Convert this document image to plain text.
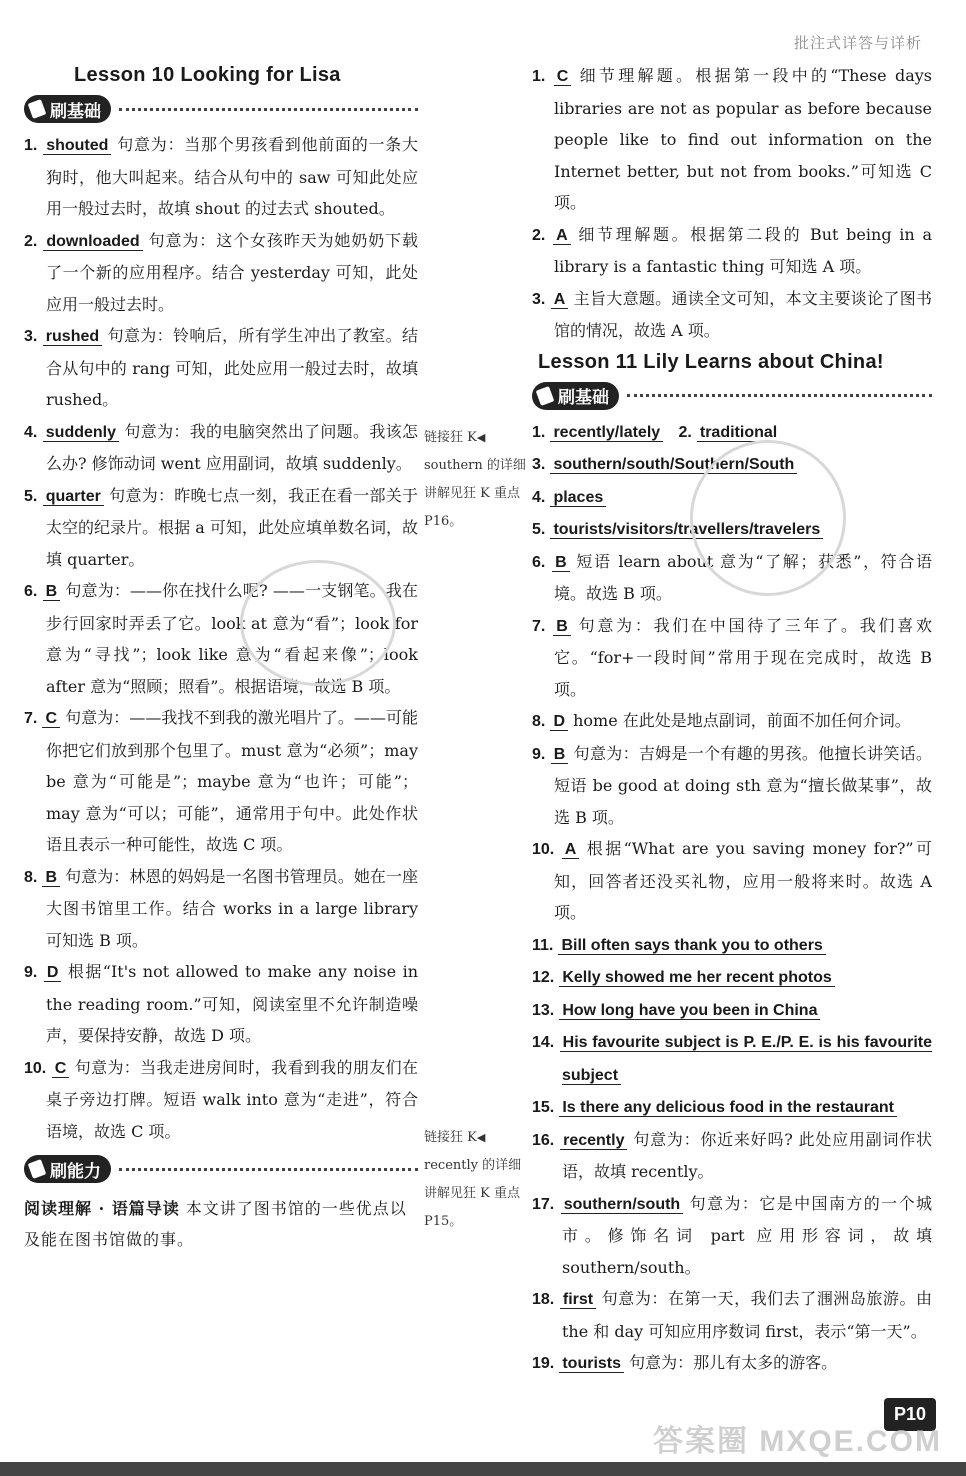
批注式详答与详析
Lesson 10 Looking for Lisa
刷基础
1. shouted 句意为：当那个男孩看到他前面的一条大狗时，他大叫起来。结合从句中的 saw 可知此处应用一般过去时，故填 shout 的过去式 shouted。
2. downloaded 句意为：这个女孩昨天为她奶奶下载了一个新的应用程序。结合 yesterday 可知，此处应用一般过去时。
3. rushed 句意为：铃响后，所有学生冲出了教室。结合从句中的 rang 可知，此处应用一般过去时，故填 rushed。
4. suddenly 句意为：我的电脑突然出了问题。我该怎么办? 修饰动词 went 应用副词，故填 suddenly。
5. quarter 句意为：昨晚七点一刻，我正在看一部关于太空的纪录片。根据 a 可知，此处应填单数名词，故填 quarter。
6. B 句意为：——你在找什么呢? ——一支钢笔。我在步行回家时弄丢了它。look at 意为“看”；look for 意为“寻找”；look like 意为“看起来像”；look after 意为“照顾；照看”。根据语境，故选 B 项。
7. C 句意为：——我找不到我的激光唱片了。——可能你把它们放到那个包里了。must 意为“必须”；may be 意为“可能是”；maybe 意为“也许；可能”；may 意为“可以；可能”，通常用于句中。此处作状语且表示一种可能性，故选 C 项。
8. B 句意为：林恩的妈妈是一名图书管理员。她在一座大图书馆里工作。结合 works in a large library 可知选 B 项。
9. D 根据“It's not allowed to make any noise in the reading room.”可知，阅读室里不允许制造噪声，要保持安静，故选 D 项。
10. C 句意为：当我走进房间时，我看到我的朋友们在桌子旁边打牌。短语 walk into 意为“走进”，符合语境，故选 C 项。
刷能力
阅读理解 · 语篇导读 本文讲了图书馆的一些优点以及能在图书馆做的事。
链接狂 K◀
southern 的详细讲解见狂 K 重点 P16。
链接狂 K◀
recently 的详细讲解见狂 K 重点 P15。
1. C 细节理解题。根据第一段中的“These days libraries are not as popular as before because people like to find out information on the Internet better, but not from books.”可知选 C 项。
2. A 细节理解题。根据第二段的 But being in a library is a fantastic thing 可知选 A 项。
3. A 主旨大意题。通读全文可知，本文主要谈论了图书馆的情况，故选 A 项。
Lesson 11 Lily Learns about China!
刷基础
1. recently/lately 2. traditional
3. southern/south/Southern/South
4. places
5. tourists/visitors/travellers/travelers
6. B 短语 learn about 意为“了解；获悉”，符合语境。故选 B 项。
7. B 句意为：我们在中国待了三年了。我们喜欢它。“for+一段时间”常用于现在完成时，故选 B 项。
8. D home 在此处是地点副词，前面不加任何介词。
9. B 句意为：吉姆是一个有趣的男孩。他擅长讲笑话。短语 be good at doing sth 意为“擅长做某事”，故选 B 项。
10. A 根据“What are you saving money for?”可知，回答者还没买礼物，应用一般将来时。故选 A 项。
11. Bill often says thank you to others
12. Kelly showed me her recent photos
13. How long have you been in China
14. His favourite subject is P. E./P. E. is his favourite subject
15. Is there any delicious food in the restaurant
16. recently 句意为：你近来好吗? 此处应用副词作状语，故填 recently。
17. southern/south 句意为：它是中国南方的一个城市。修饰名词 part 应用形容词，故填 southern/south。
18. first 句意为：在第一天，我们去了涠洲岛旅游。由 the 和 day 可知应用序数词 first，表示“第一天”。
19. tourists 句意为：那儿有太多的游客。
P10
答案圈 MXQE.COM
